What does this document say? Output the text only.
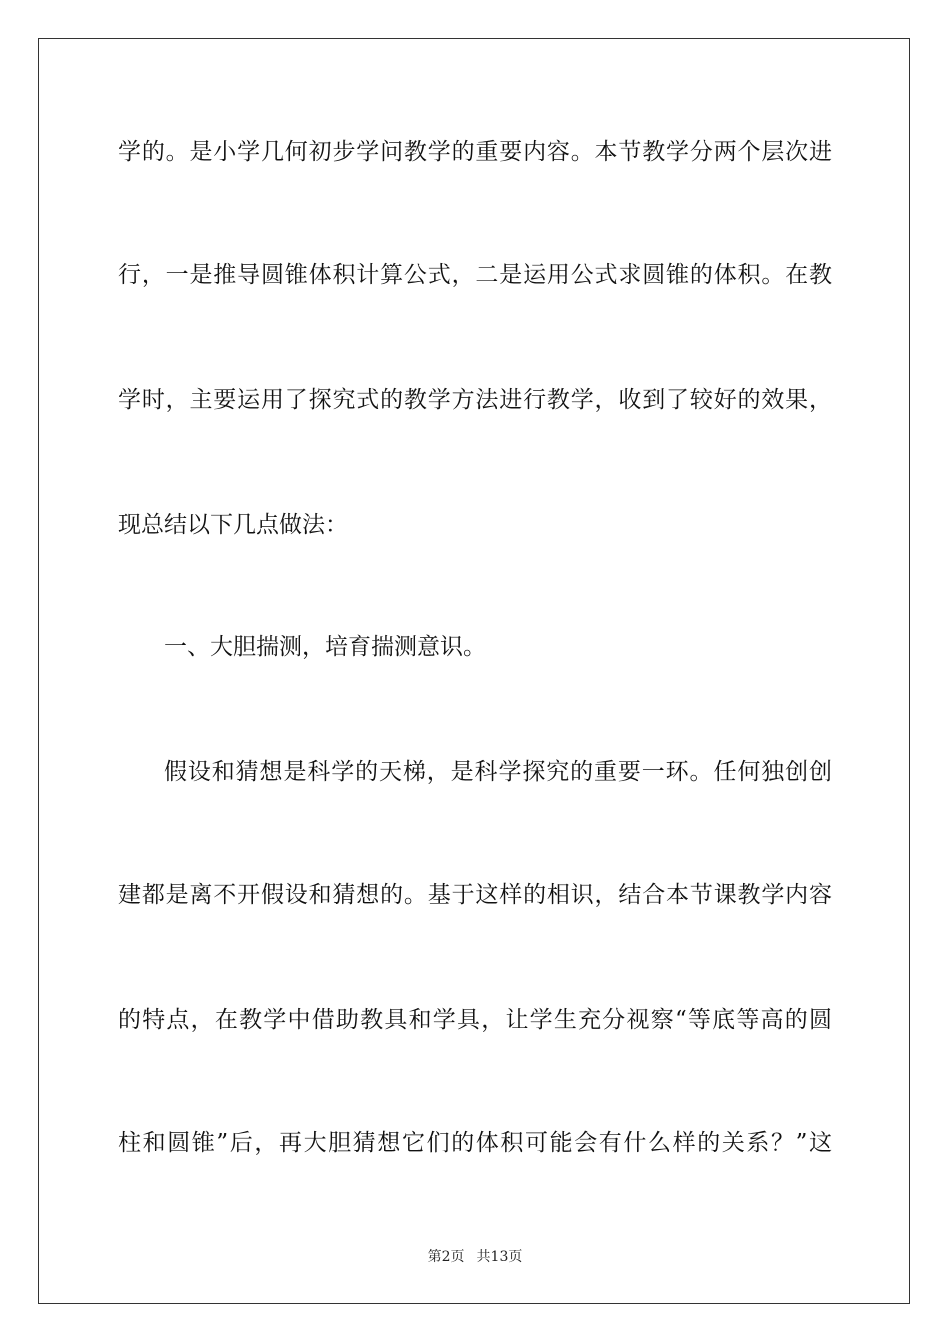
学的。是小学几何初步学问教学的重要内容。本节教学分两个层次进
行，一是推导圆锥体积计算公式，二是运用公式求圆锥的体积。在教
学时，主要运用了探究式的教学方法进行教学，收到了较好的效果，
现总结以下几点做法：
一、大胆揣测，培育揣测意识。
假设和猜想是科学的天梯，是科学探究的重要一环。任何独创创
建都是离不开假设和猜想的。基于这样的相识，结合本节课教学内容
的特点，在教学中借助教具和学具，让学生充分视察“等底等高的圆
柱和圆锥”后，再大胆猜想它们的体积可能会有什么样的关系？”这
第2页 共13页
